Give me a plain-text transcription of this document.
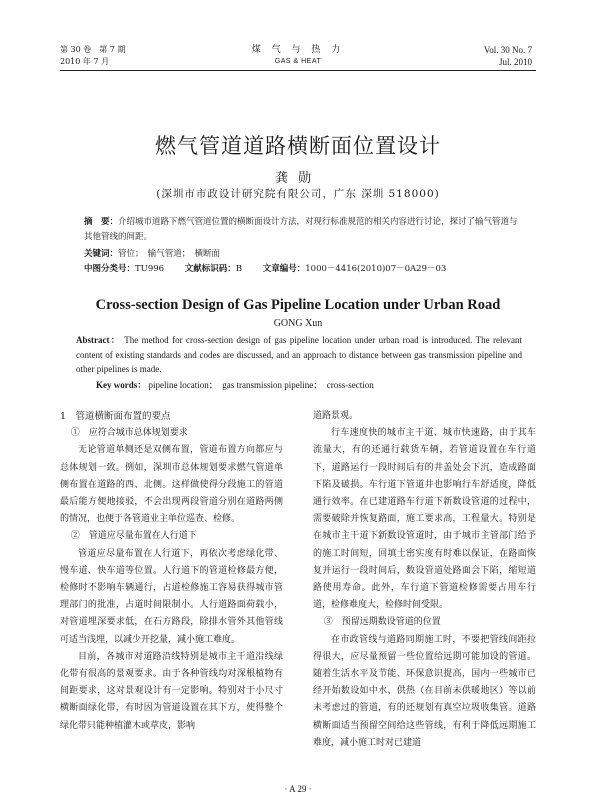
第 30 卷　第 7 期
2010 年 7 月
煤 气 与 热 力
GAS & HEAT
Vol. 30 No. 7
Jul. 2010
燃气管道道路横断面位置设计
龚勋
(深圳市市政设计研究院有限公司，广东 深圳 518000)
摘　要：介绍城市道路下燃气管道位置的横断面设计方法，对现行标准规范的相关内容进行讨论，探讨了输气管道与其他管线的间距。
关键词：管位；　输气管道；　横断面
中图分类号：TU996 文献标识码：B 文章编号：1000－4416(2010)07－0A29－03
Cross-section Design of Gas Pipeline Location under Urban Road
GONG Xun
Abstract： The method for cross-section design of gas pipeline location under urban road is introduced. The relevant content of existing standards and codes are discussed, and an approach to distance between gas transmission pipeline and other pipelines is made.
Key words： pipeline location；　gas transmission pipeline；　cross-section

1　管道横断面布置的要点

①　应符合城市总体规划要求

无论管道单侧还是双侧布置，管道布置方向都应与总体规划一致。例如，深圳市总体规划要求燃气管道单侧布置在道路的西、北侧。这样做使得分段施工的管道最后能方便地接驳，不会出现两段管道分别在道路两侧的情况，也便于各管道业主单位巡查、检修。

②　管道应尽量布置在人行道下

管道应尽量布置在人行道下，再依次考虑绿化带、慢车道、快车道等位置。人行道下的管道检修最方便，检修时不影响车辆通行，占道检修施工容易获得城市管理部门的批准，占道时间限制小。人行道路面荷载小，对管道埋深要求低，在石方路段，除排水管外其他管线可适当浅埋，以减少开挖量，减小施工难度。

目前，各城市对道路沿线特别是城市主干道沿线绿化带有很高的景观要求。由于各种管线均对深根植物有间距要求，这对景观设计有一定影响。特别对于小尺寸横断面绿化带，有时因为管道设置在其下方，使得整个绿化带只能种植灌木或草皮，影响

道路景观。

行车速度快的城市主干道、城市快速路，由于其车流量大，有的还通行载货车辆，若管道设置在车行道下，道路运行一段时间后有的井盖处会下沉，造成路面下陷及破损。车行道下管道井也影响行车舒适度，降低通行效率。在已建道路车行道下新数设管道的过程中，需要破除并恢复路面，施工要求高，工程量大。特别是在城市主干道下新数设管道时，由于城市主管部门给予的施工时间短，回填土密实度有时难以保证，在路面恢复并运行一段时间后，数设管道处路面会下陷，缩短道路使用寿命。此外，车行道下管道检修需要占用车行道，检修难度大，检修时间受限。

③　预留远期数设管道的位置

在市政管线与道路同期施工时，不要把管线间距拉得很大，应尽量预留一些位置给远期可能加设的管道。随着生活水平及节能、环保意识提高，国内一些城市已经开始数设如中水、供热（在目前未供暖地区）等以前未考虑过的管道，有的还规划有真空垃圾收集管。道路横断面适当预留空间给这些管线，有利于降低远期施工难度，减小施工时对已建道

· A 29 ·
